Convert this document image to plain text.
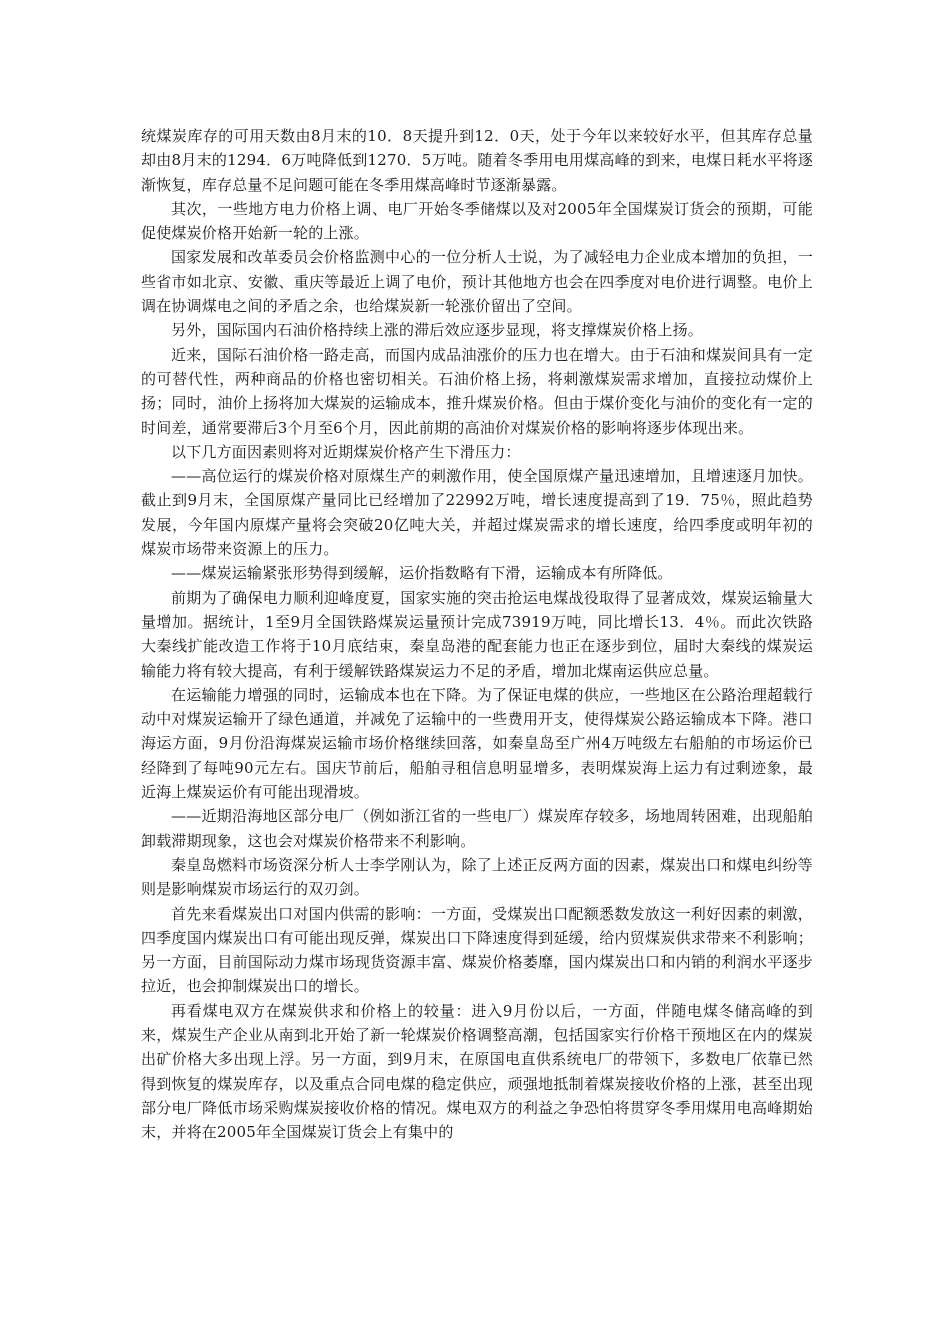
统煤炭库存的可用天数由8月末的10．8天提升到12．0天，处于今年以来较好水平，但其库存总量却由8月末的1294．6万吨降低到1270．5万吨。随着冬季用电用煤高峰的到来，电煤日耗水平将逐渐恢复，库存总量不足问题可能在冬季用煤高峰时节逐渐暴露。

其次，一些地方电力价格上调、电厂开始冬季储煤以及对2005年全国煤炭订货会的预期，可能促使煤炭价格开始新一轮的上涨。

国家发展和改革委员会价格监测中心的一位分析人士说，为了减轻电力企业成本增加的负担，一些省市如北京、安徽、重庆等最近上调了电价，预计其他地方也会在四季度对电价进行调整。电价上调在协调煤电之间的矛盾之余，也给煤炭新一轮涨价留出了空间。

另外，国际国内石油价格持续上涨的滞后效应逐步显现，将支撑煤炭价格上扬。

近来，国际石油价格一路走高，而国内成品油涨价的压力也在增大。由于石油和煤炭间具有一定的可替代性，两种商品的价格也密切相关。石油价格上扬，将刺激煤炭需求增加，直接拉动煤价上扬；同时，油价上扬将加大煤炭的运输成本，推升煤炭价格。但由于煤价变化与油价的变化有一定的时间差，通常要滞后3个月至6个月，因此前期的高油价对煤炭价格的影响将逐步体现出来。

以下几方面因素则将对近期煤炭价格产生下滑压力：

——高位运行的煤炭价格对原煤生产的刺激作用，使全国原煤产量迅速增加，且增速逐月加快。截止到9月末，全国原煤产量同比已经增加了22992万吨，增长速度提高到了19．75％，照此趋势发展，今年国内原煤产量将会突破20亿吨大关，并超过煤炭需求的增长速度，给四季度或明年初的煤炭市场带来资源上的压力。

——煤炭运输紧张形势得到缓解，运价指数略有下滑，运输成本有所降低。

前期为了确保电力顺利迎峰度夏，国家实施的突击抢运电煤战役取得了显著成效，煤炭运输量大量增加。据统计，1至9月全国铁路煤炭运量预计完成73919万吨，同比增长13．4％。而此次铁路大秦线扩能改造工作将于10月底结束，秦皇岛港的配套能力也正在逐步到位，届时大秦线的煤炭运输能力将有较大提高，有利于缓解铁路煤炭运力不足的矛盾，增加北煤南运供应总量。

在运输能力增强的同时，运输成本也在下降。为了保证电煤的供应，一些地区在公路治理超载行动中对煤炭运输开了绿色通道，并减免了运输中的一些费用开支，使得煤炭公路运输成本下降。港口海运方面，9月份沿海煤炭运输市场价格继续回落，如秦皇岛至广州4万吨级左右船舶的市场运价已经降到了每吨90元左右。国庆节前后，船舶寻租信息明显增多，表明煤炭海上运力有过剩迹象，最近海上煤炭运价有可能出现滑坡。

——近期沿海地区部分电厂（例如浙江省的一些电厂）煤炭库存较多，场地周转困难，出现船舶卸载滞期现象，这也会对煤炭价格带来不利影响。

秦皇岛燃料市场资深分析人士李学刚认为，除了上述正反两方面的因素，煤炭出口和煤电纠纷等则是影响煤炭市场运行的双刃剑。

首先来看煤炭出口对国内供需的影响：一方面，受煤炭出口配额悉数发放这一利好因素的刺激，四季度国内煤炭出口有可能出现反弹，煤炭出口下降速度得到延缓，给内贸煤炭供求带来不利影响；另一方面，目前国际动力煤市场现货资源丰富、煤炭价格萎靡，国内煤炭出口和内销的利润水平逐步拉近，也会抑制煤炭出口的增长。

再看煤电双方在煤炭供求和价格上的较量：进入9月份以后，一方面，伴随电煤冬储高峰的到来，煤炭生产企业从南到北开始了新一轮煤炭价格调整高潮，包括国家实行价格干预地区在内的煤炭出矿价格大多出现上浮。另一方面，到9月末，在原国电直供系统电厂的带领下，多数电厂依靠已然得到恢复的煤炭库存，以及重点合同电煤的稳定供应，顽强地抵制着煤炭接收价格的上涨，甚至出现部分电厂降低市场采购煤炭接收价格的情况。煤电双方的利益之争恐怕将贯穿冬季用煤用电高峰期始末，并将在2005年全国煤炭订货会上有集中的
